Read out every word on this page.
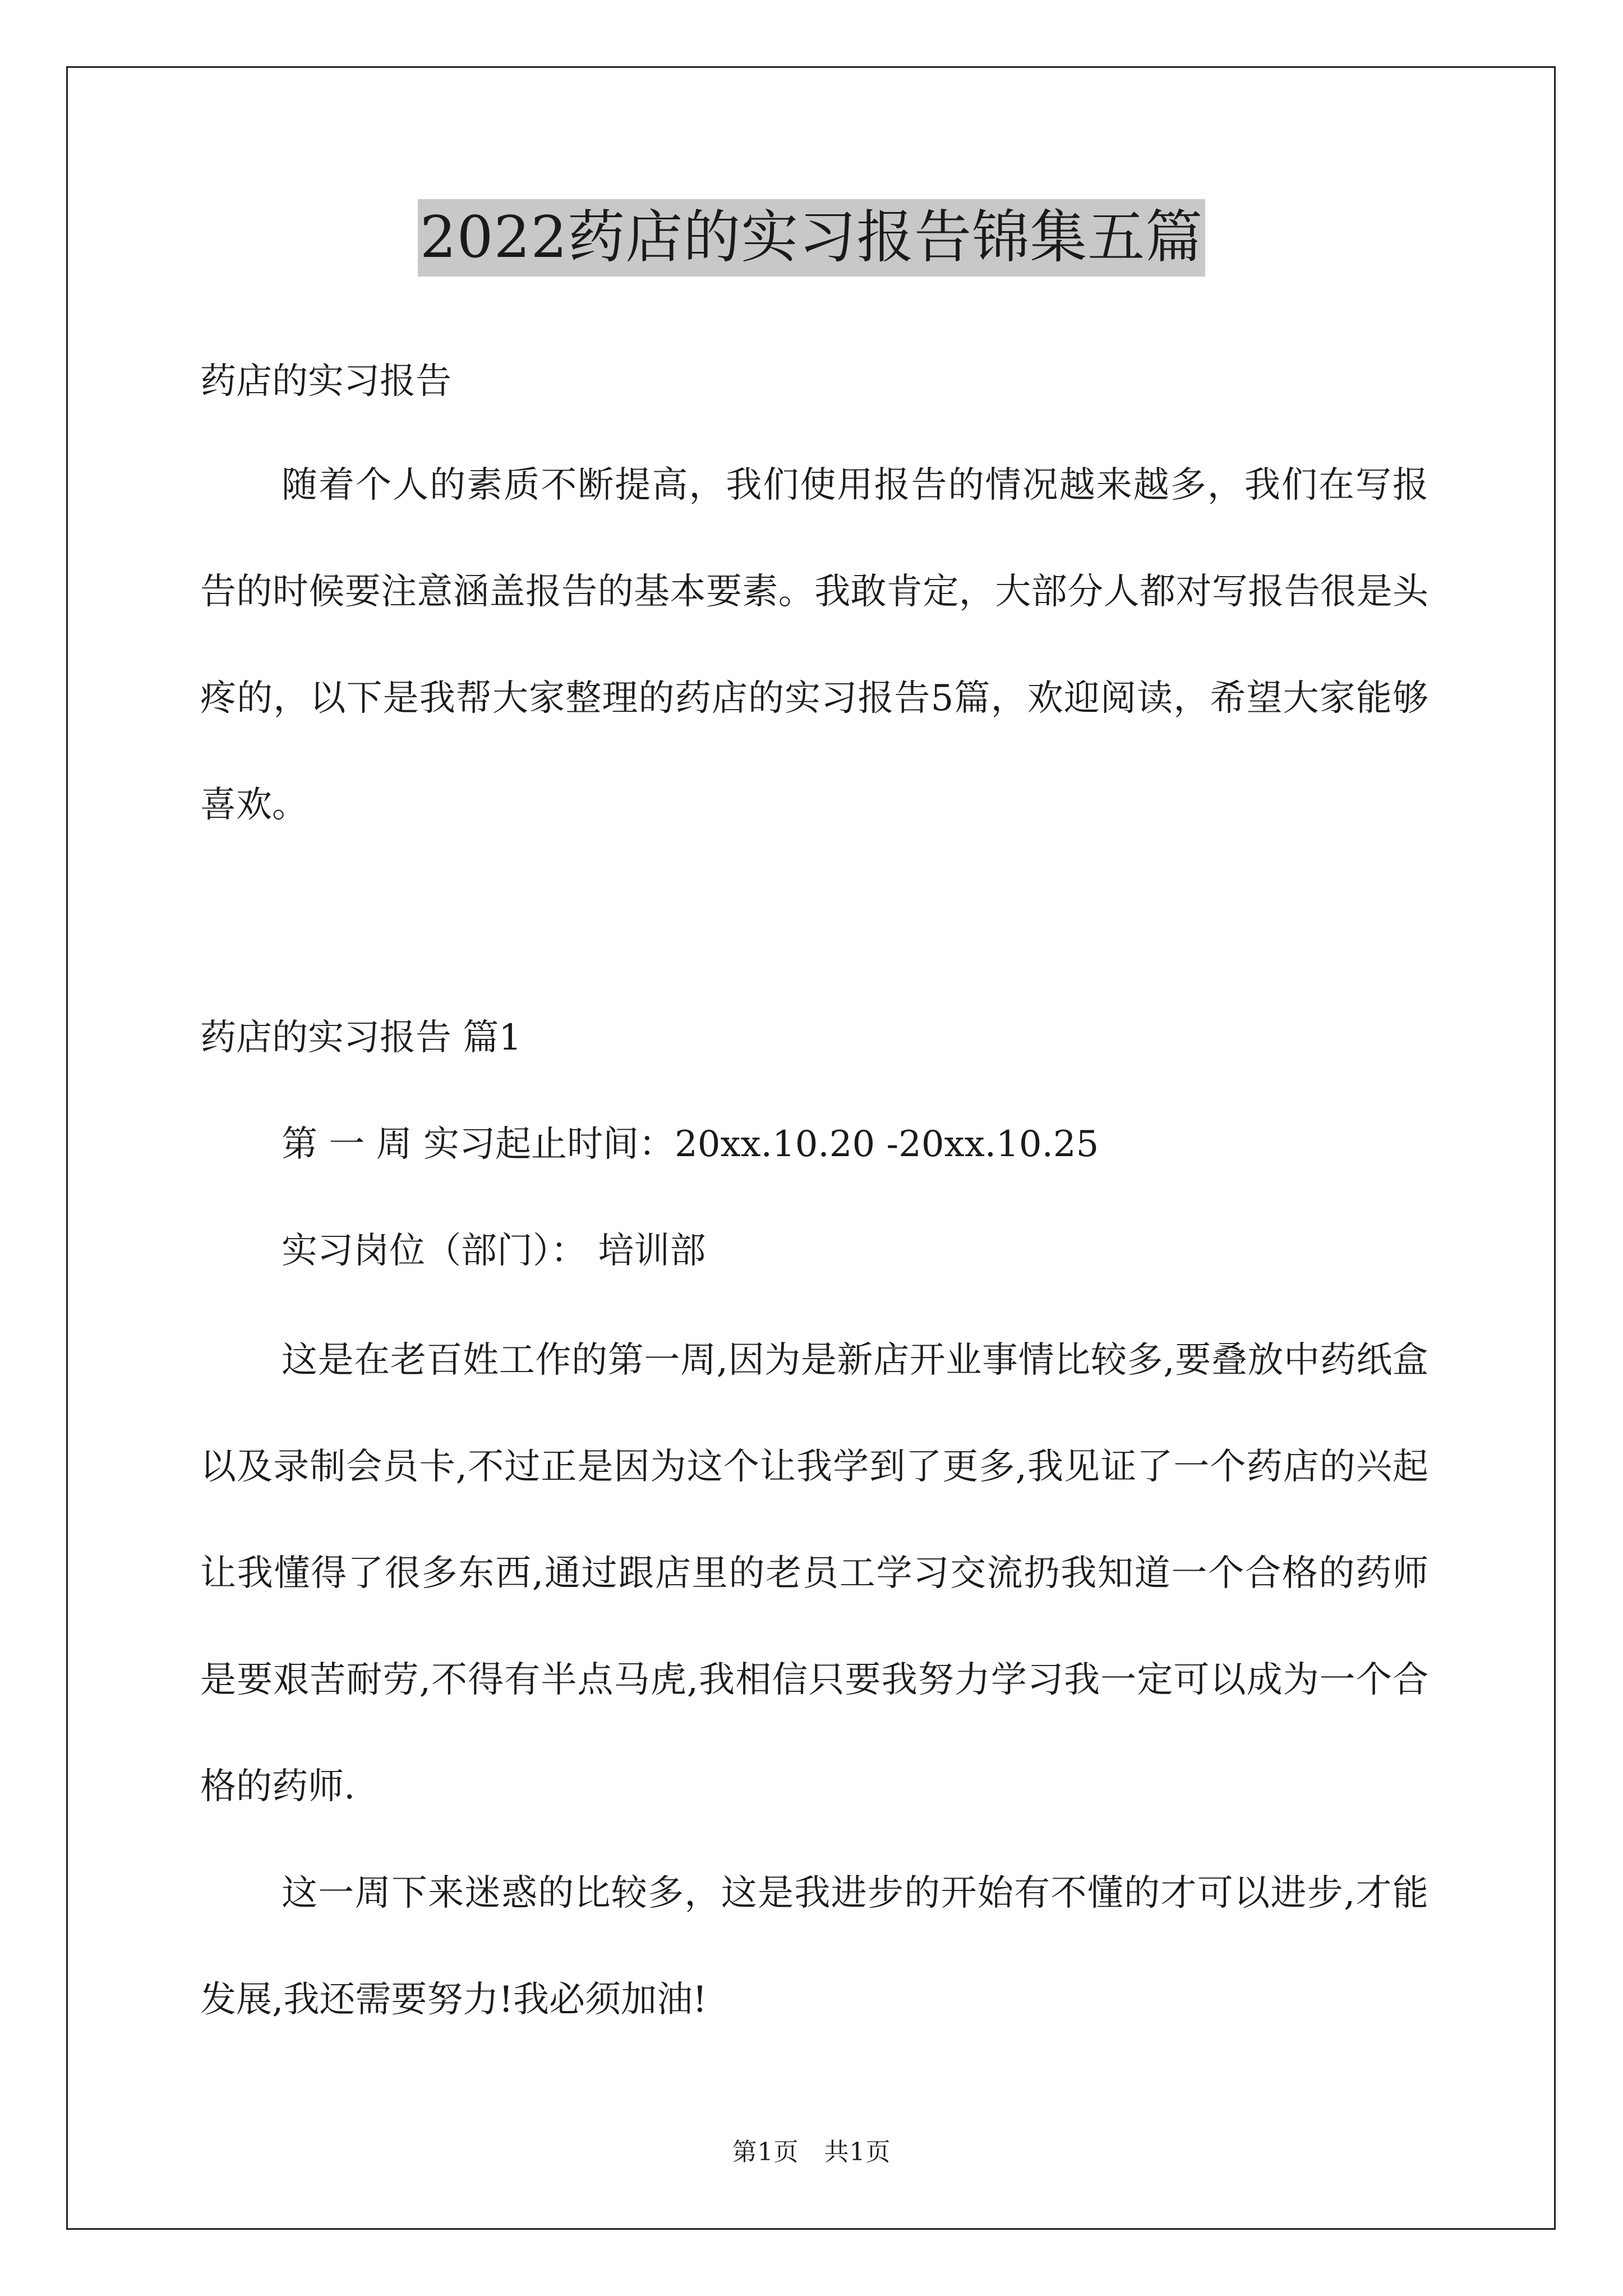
2022药店的实习报告锦集五篇
药店的实习报告

随着个人的素质不断提高，我们使用报告的情况越来越多，我们在写报告的时候要注意涵盖报告的基本要素。我敢肯定，大部分人都对写报告很是头疼的，以下是我帮大家整理的药店的实习报告5篇，欢迎阅读，希望大家能够喜欢。

药店的实习报告 篇1
第 一 周 实习起止时间：20xx.10.20 -20xx.10.25
实习岗位（部门）： 培训部

这是在老百姓工作的第一周,因为是新店开业事情比较多,要叠放中药纸盒以及录制会员卡,不过正是因为这个让我学到了更多,我见证了一个药店的兴起让我懂得了很多东西,通过跟店里的老员工学习交流扔我知道一个合格的药师是要艰苦耐劳,不得有半点马虎,我相信只要我努力学习我一定可以成为一个合格的药师.

这一周下来迷惑的比较多，这是我进步的开始有不懂的才可以进步,才能发展,我还需要努力!我必须加油!

第1页　共1页
